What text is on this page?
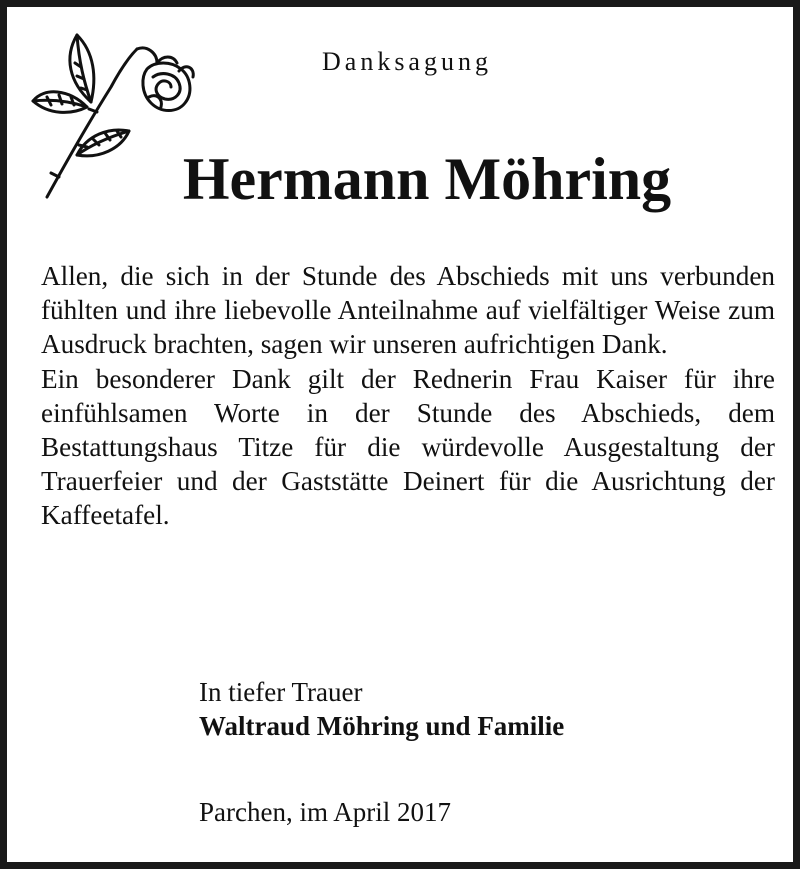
Danksagung
Hermann Möhring
Allen, die sich in der Stunde des Abschieds mit uns verbunden fühlten und ihre liebevolle Anteilnahme auf vielfältiger Weise zum Ausdruck brachten, sagen wir unseren aufrichtigen Dank.
Ein besonderer Dank gilt der Rednerin Frau Kaiser für ihre einfühlsamen Worte in der Stunde des Abschieds, dem Bestattungshaus Titze für die würdevolle Ausgestaltung der Trauerfeier und der Gaststätte Deinert für die Ausrichtung der Kaffeetafel.
In tiefer Trauer
Waltraud Möhring und Familie
Parchen, im April 2017
